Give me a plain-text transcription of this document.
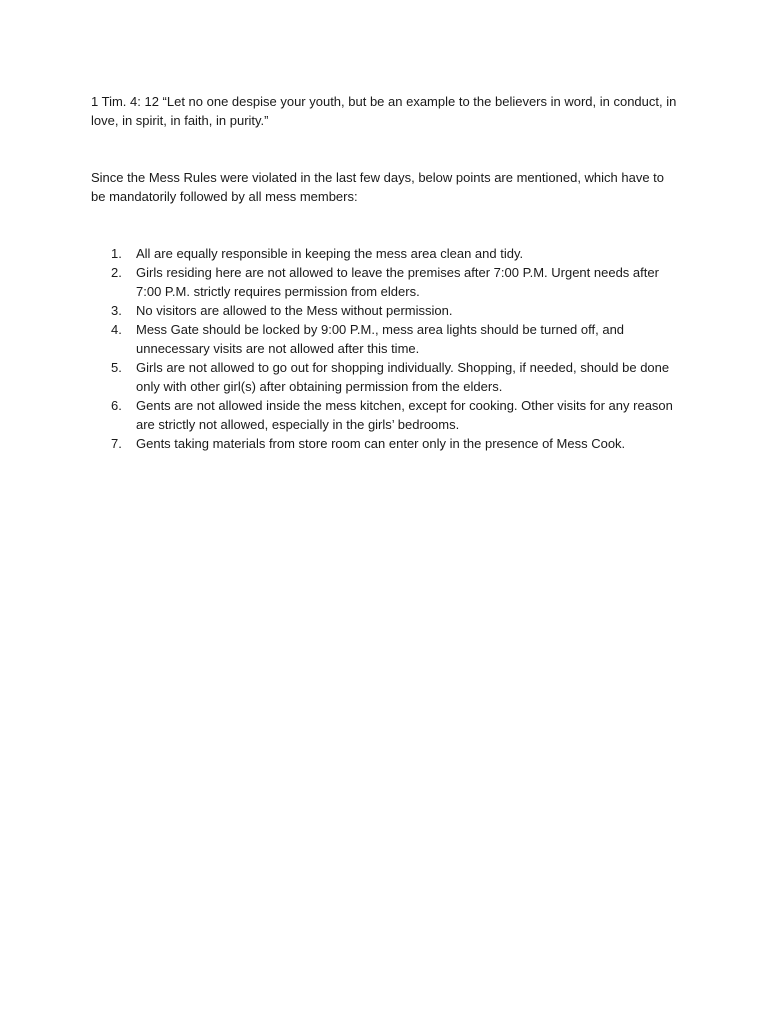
1 Tim. 4: 12 “Let no one despise your youth, but be an example to the believers in word, in conduct, in love, in spirit, in faith, in purity.”

Since the Mess Rules were violated in the last few days, below points are mentioned, which have to be mandatorily followed by all mess members:

1.	All are equally responsible in keeping the mess area clean and tidy.
2.	Girls residing here are not allowed to leave the premises after 7:00 P.M. Urgent needs after 7:00 P.M. strictly requires permission from elders.
3.	No visitors are allowed to the Mess without permission.
4.	Mess Gate should be locked by 9:00 P.M., mess area lights should be turned off, and unnecessary visits are not allowed after this time.
5.	Girls are not allowed to go out for shopping individually. Shopping, if needed, should be done only with other girl(s) after obtaining permission from the elders.
6.	Gents are not allowed inside the mess kitchen, except for cooking. Other visits for any reason are strictly not allowed, especially in the girls’ bedrooms.
7.	Gents taking materials from store room can enter only in the presence of Mess Cook.
